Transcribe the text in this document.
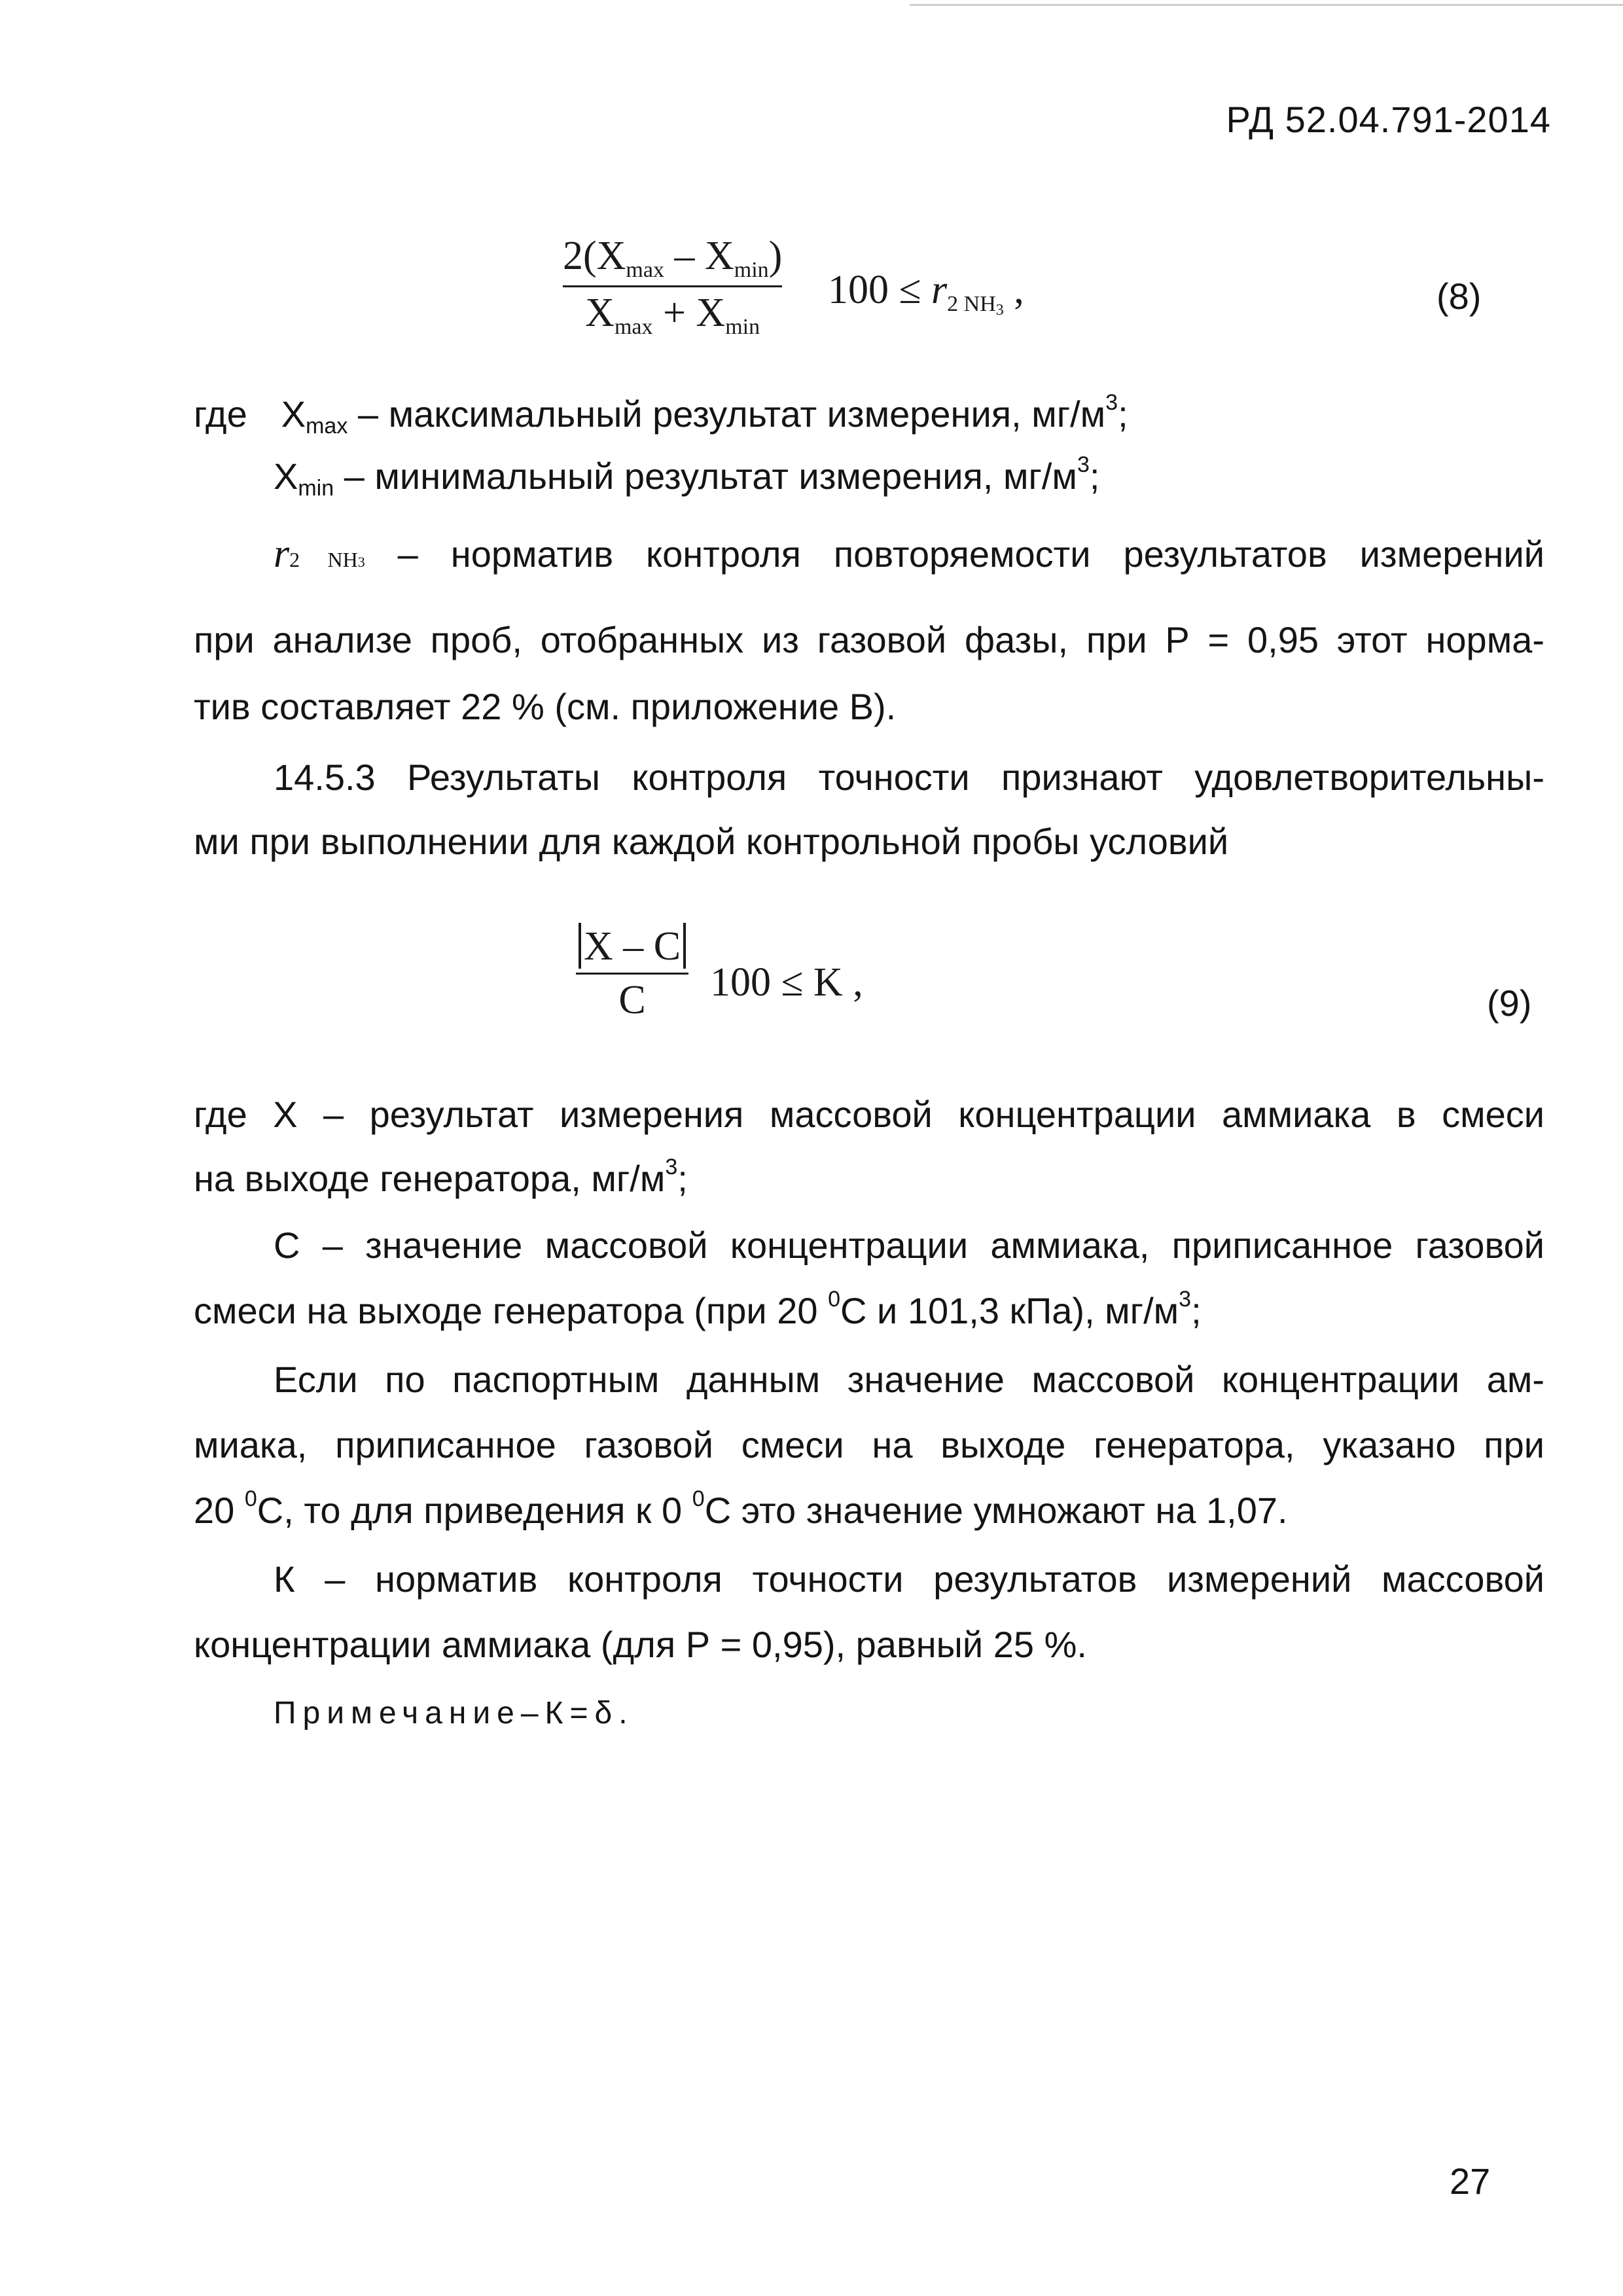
РД 52.04.791-2014
2(Xmax – Xmin)
Xmax + Xmin
100 ≤ r2 $NH_3$ ,	(8)
где $X_{max}$ – максимальный результат измерения, $мг/м^3$;
$X_{min}$ – минимальный результат измерения, $мг/м^3$;
r2 NH3 – норматив контроля повторяемости результатов измерений
при анализе проб, отобранных из газовой фазы, при Р = 0,95 этот норма-
тив составляет 22 % (см. приложение В).
14.5.3 Результаты контроля точности признают удовлетворительны-
ми при выполнении для каждой контрольной пробы условий
X – C
C	100 ≤ K ,	(9)
где X – результат измерения массовой концентрации аммиака в смеси
на выходе генератора, $мг/м^3$;
С – значение массовой концентрации аммиака, приписанное газовой
смеси на выходе генератора (при 20 $^0$С и 101,3 кПа), $мг/м^3$;
Если по паспортным данным значение массовой концентрации ам-
миака, приписанное газовой смеси на выходе генератора, указано при
20 $^0$С, то для приведения к 0 $^0$С это значение умножают на 1,07.
К – норматив контроля точности результатов измерений массовой
концентрации аммиака (для Р = 0,95), равный 25 %.
Примечание–К=δ.
27
